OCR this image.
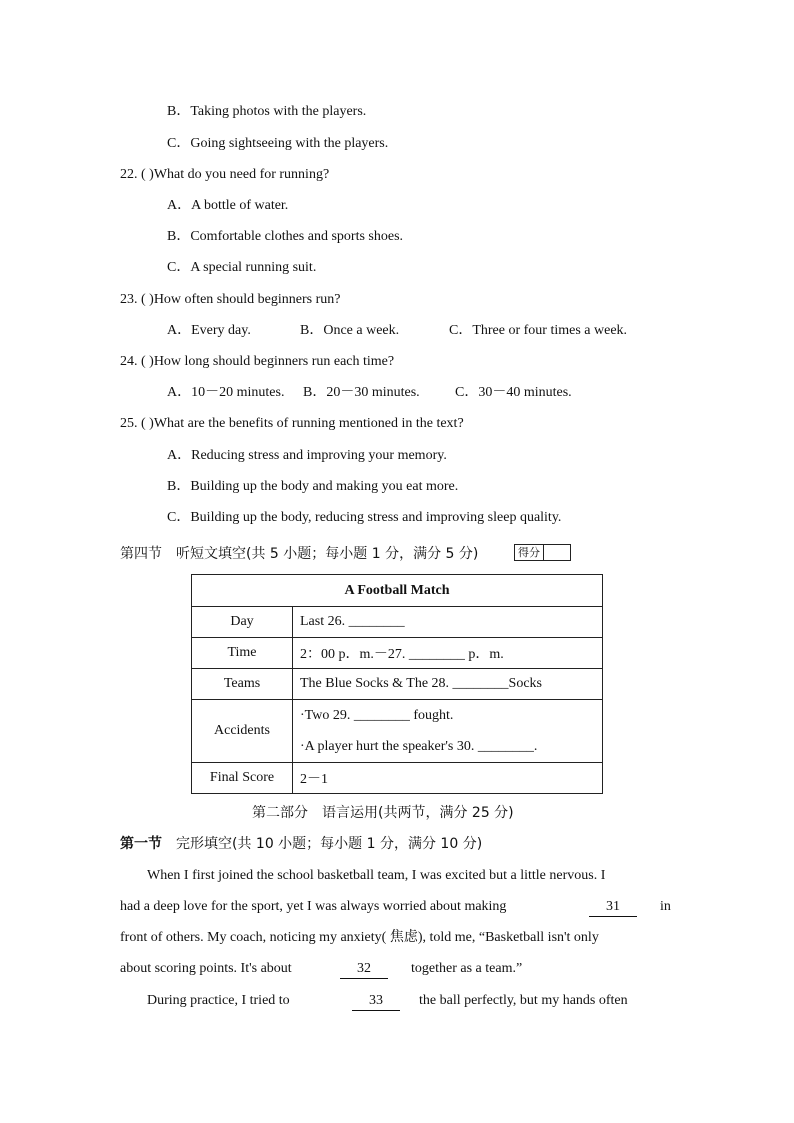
B．Taking photos with the players.
C．Going sightseeing with the players.
22. ( )What do you need for running?
A．A bottle of water.
B．Comfortable clothes and sports shoes.
C．A special running suit.
23. ( )How often should beginners run?
A．Every day.	B．Once a week.	C．Three or four times a week.
24. ( )How long should beginners run each time?
A．10－20 minutes. B．20－30 minutes.	C．30－40 minutes.
25. ( )What are the benefits of running mentioned in the text?
A．Reducing stress and improving your memory.
B．Building up the body and making you eat more.
C．Building up the body, reducing stress and improving sleep quality.
第四节　听短文填空(共 5 小题；每小题 1 分，满分 5 分)	得分
A Football Match	
Day	Last 26. ________
Time	2：00 p．m.－27. ________ p．m.
Teams	The Blue Socks & The 28. ________Socks
Accidents	·Two 29. ________ fought.
·A player hurt the speaker's 30. ________.

Final Score	2－1
第二部分　语言运用(共两节，满分 25 分)
第一节　完形填空(共 10 小题；每小题 1 分，满分 10 分)
When I first joined the school basketball team, I was excited but a little nervous. I
had a deep love for the sport, yet I was always worried about making	31	in
front of others. My coach, noticing my anxiety( 焦虑), told me, “Basketball isn't only
about scoring points. It's about	32	together as a team.”
During practice, I tried to	33	the ball perfectly, but my hands often
